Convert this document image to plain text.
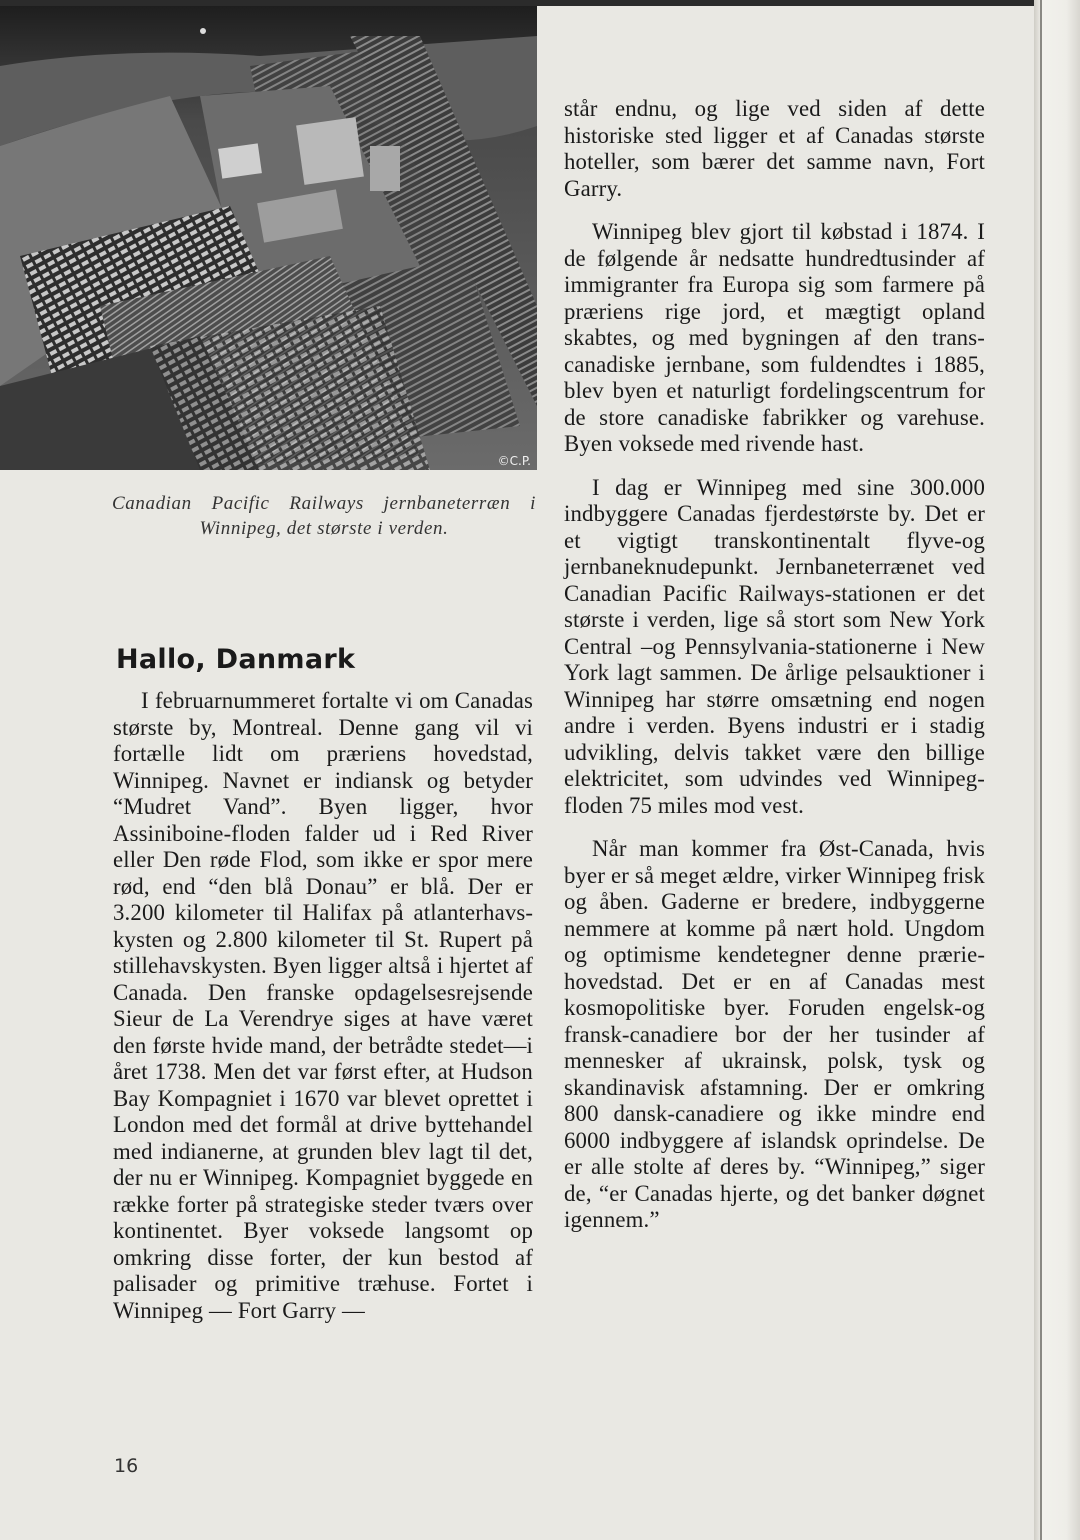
©C.P.
Canadian Pacific Railways jernbaneterræn i Winnipeg, det største i verden.
Hallo, Danmark

I februarnummeret fortalte vi om Canadas største by, Montreal. Denne gang vil vi fortælle lidt om præriens hovedstad, Winnipeg. Navnet er indiansk og betyder “Mudret Vand”. Byen ligger, hvor Assiniboine-floden falder ud i Red River eller Den røde Flod, som ikke er spor mere rød, end “den blå Donau” er blå. Der er 3.200 kilometer til Halifax på atlanterhavskysten og 2.800 kilometer til St. Rupert på stillehavskysten. Byen ligger altså i hjertet af Canada. Den franske opdagelsesrejsende Sieur de La Verendrye siges at have været den første hvide mand, der betrådte stedet—i året 1738. Men det var først efter, at Hudson Bay Kompagniet i 1670 var blevet oprettet i London med det formål at drive byttehandel med indianerne, at grunden blev lagt til det, der nu er Winnipeg. Kompagniet byggede en række forter på strategiske steder tværs over kontinentet. Byer voksede langsomt op omkring disse forter, der kun bestod af palisader og primitive træhuse. Fortet i Winnipeg — Fort Garry —

står endnu, og lige ved siden af dette historiske sted ligger et af Canadas største hoteller, som bærer det samme navn, Fort Garry.

Winnipeg blev gjort til købstad i 1874. I de følgende år nedsatte hundredtusinder af immigranter fra Europa sig som farmere på præriens rige jord, et mægtigt opland skabtes, og med bygningen af den trans-canadiske jernbane, som fuldendtes i 1885, blev byen et naturligt fordelingscentrum for de store canadiske fabrikker og varehuse. Byen voksede med rivende hast.

I dag er Winnipeg med sine 300.000 indbyggere Canadas fjerdestørste by. Det er et vigtigt transkontinentalt flyve-og jernbaneknudepunkt. Jernbaneterrænet ved Canadian Pacific Railways-stationen er det største i verden, lige så stort som New York Central –og Pennsylvania-stationerne i New York lagt sammen. De årlige pelsauktioner i Winnipeg har større omsætning end nogen andre i verden. Byens industri er i stadig udvikling, delvis takket være den billige elektricitet, som udvindes ved Winnipeg-floden 75 miles mod vest.

Når man kommer fra Øst-Canada, hvis byer er så meget ældre, virker Winnipeg frisk og åben. Gaderne er bredere, indbyggerne nemmere at komme på nært hold. Ungdom og optimisme kendetegner denne præriehovedstad. Det er en af Canadas mest kosmopolitiske byer. Foruden engelsk-og fransk-canadiere bor der her tusinder af mennesker af ukrainsk, polsk, tysk og skandinavisk afstamning. Der er omkring 800 dansk-canadiere og ikke mindre end 6000 indbyggere af islandsk oprindelse. De er alle stolte af deres by. “Winnipeg,” siger de, “er Canadas hjerte, og det banker døgnet igennem.”

16
